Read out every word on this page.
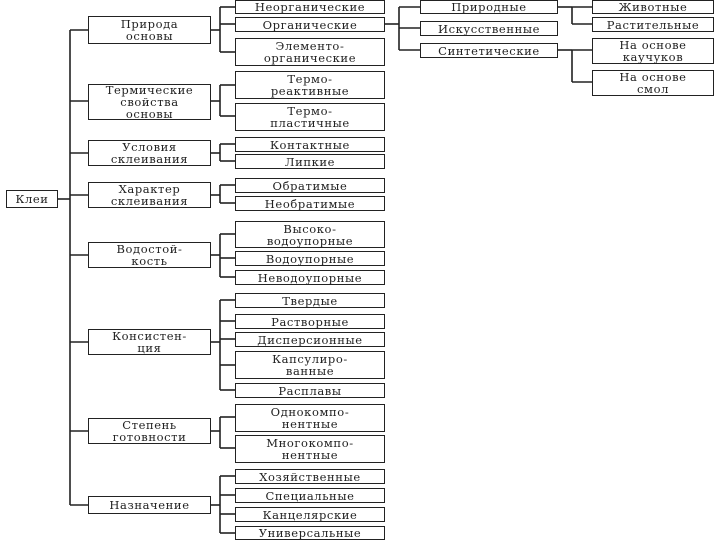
Клеи
Природа
основы
Термические
свойства
основы
Условия
склеивания
Характер
склеивания
Водостой-
кость
Консистен-
ция
Степень
готовности
Назначение
Неорганические
Органические
Элементо-
органические
Природные
Искусственные
Синтетические
Животные
Растительные
На основе
каучуков
На основе
смол
Термо-
реактивные
Термо-
пластичные
Контактные
Липкие
Обратимые
Необратимые
Высоко-
водоупорные
Водоупорные
Неводоупорные
Твердые
Растворные
Дисперсионные
Капсулиро-
ванные
Расплавы
Однокомпо-
нентные
Многокомпо-
нентные
Хозяйственные
Специальные
Канцелярские
Универсальные
